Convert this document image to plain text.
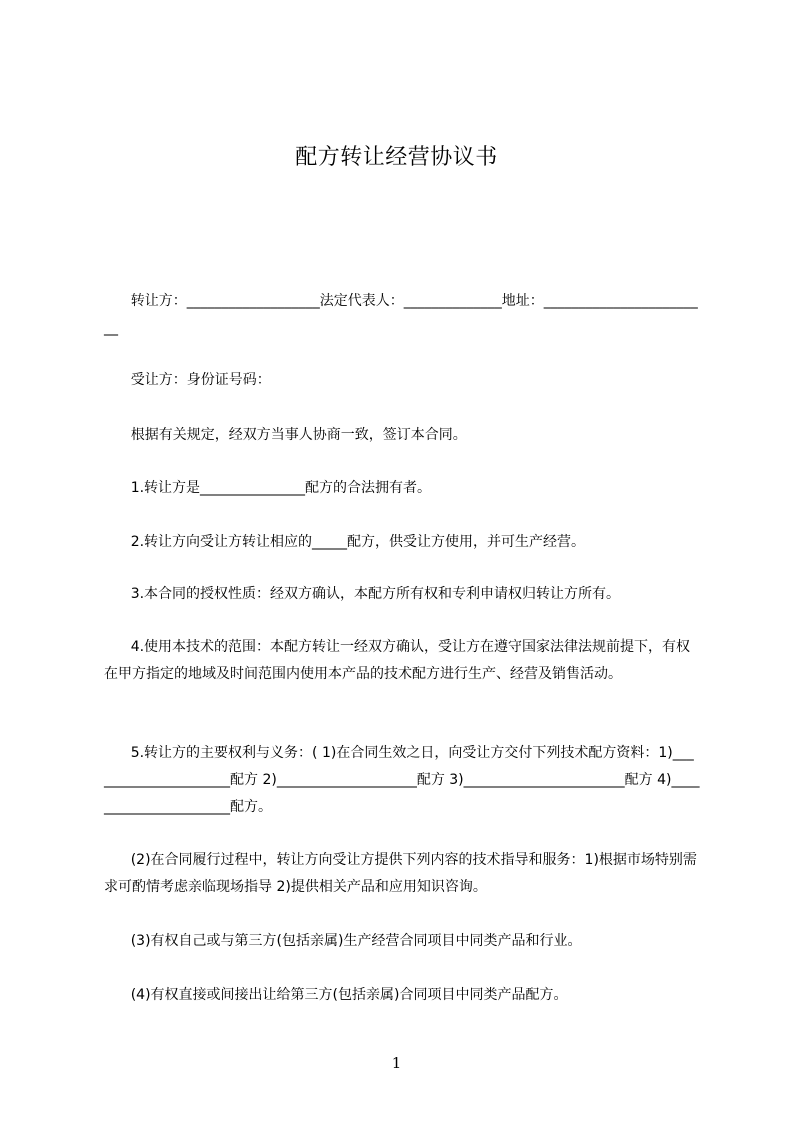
配方转让经营协议书
转让方：___________________法定代表人：______________地址：________________________
受让方：身份证号码：
根据有关规定，经双方当事人协商一致，签订本合同。
1.转让方是_______________配方的合法拥有者。
2.转让方向受让方转让相应的_____配方，供受让方使用，并可生产经营。
3.本合同的授权性质：经双方确认，本配方所有权和专利申请权归转让方所有。
4.使用本技术的范围：本配方转让一经双方确认，受让方在遵守国家法律法规前提下，有权在甲方指定的地域及时间范围内使用本产品的技术配方进行生产、经营及销售活动。
5.转让方的主要权利与义务：( 1)在合同生效之日，向受让方交付下列技术配方资料：1)_____________________配方 2)____________________配方 3)_______________________配方 4)______________________配方。
(2)在合同履行过程中，转让方向受让方提供下列内容的技术指导和服务：1)根据市场特别需求可酌情考虑亲临现场指导 2)提供相关产品和应用知识咨询。
(3)有权自己或与第三方(包括亲属)生产经营合同项目中同类产品和行业。
(4)有权直接或间接出让给第三方(包括亲属)合同项目中同类产品配方。
1
